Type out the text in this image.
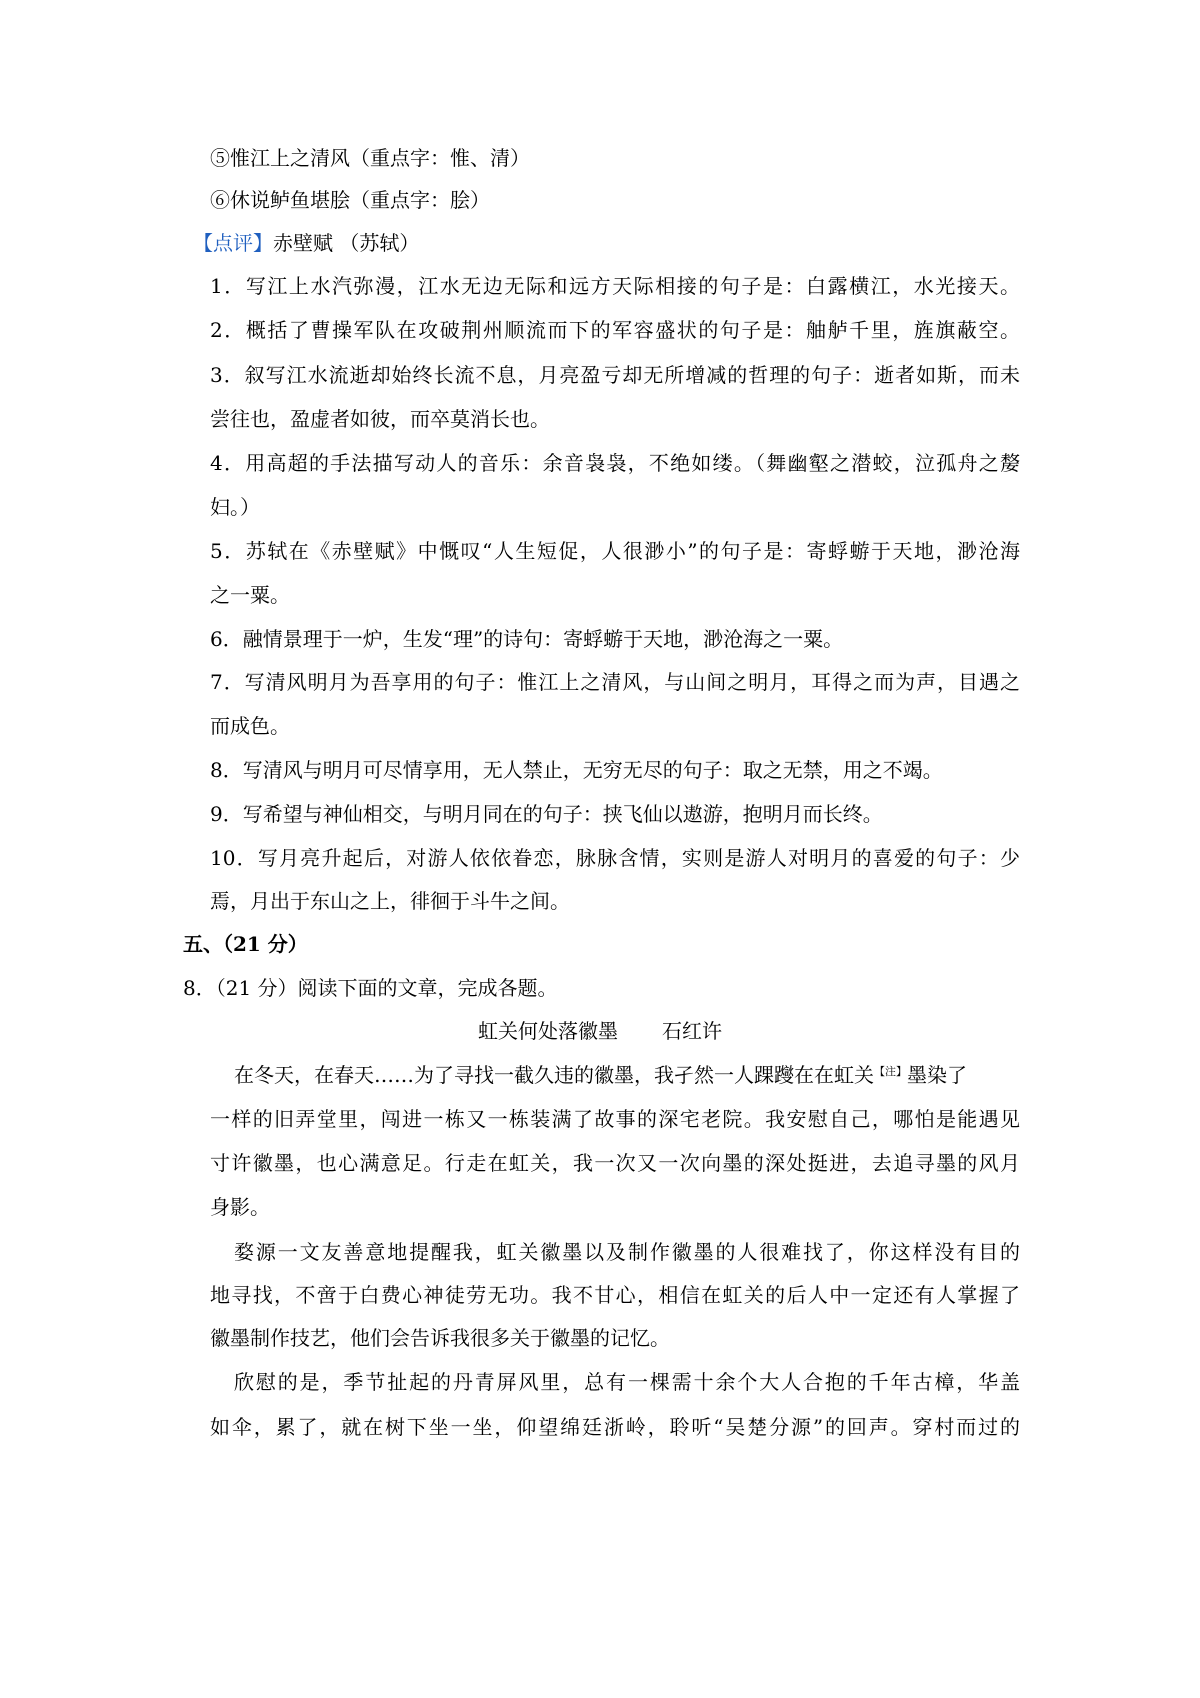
⑤惟江上之清风（重点字：惟、清）
⑥休说鲈鱼堪脍（重点字：脍）
【点评】赤壁赋 （苏轼）
1．写江上水汽弥漫，江水无边无际和远方天际相接的句子是：白露横江，水光接天。
2．概括了曹操军队在攻破荆州顺流而下的军容盛状的句子是：舳舻千里，旌旗蔽空。
3．叙写江水流逝却始终长流不息，月亮盈亏却无所增减的哲理的句子：逝者如斯，而未
尝往也，盈虚者如彼，而卒莫消长也。
4．用高超的手法描写动人的音乐：余音袅袅，不绝如缕。（舞幽壑之潜蛟，泣孤舟之嫠
妇。）
5．苏轼在《赤壁赋》中慨叹“人生短促，人很渺小”的句子是：寄蜉蝣于天地，渺沧海
之一粟。
6．融情景理于一炉，生发“理”的诗句：寄蜉蝣于天地，渺沧海之一粟。
7．写清风明月为吾享用的句子：惟江上之清风，与山间之明月，耳得之而为声，目遇之
而成色。
8．写清风与明月可尽情享用，无人禁止，无穷无尽的句子：取之无禁，用之不竭。
9．写希望与神仙相交，与明月同在的句子：挟飞仙以遨游，抱明月而长终。
10．写月亮升起后，对游人依依眷恋，脉脉含情，实则是游人对明月的喜爱的句子：少
焉，月出于东山之上，徘徊于斗牛之间。
五、（21 分）
8．（21 分）阅读下面的文章，完成各题。
虹关何处落徽墨 石红许
在冬天，在春天……为了寻找一截久违的徽墨，我孑然一人踝躞在在虹关$^{【注】}$墨染了
一样的旧弄堂里，闯进一栋又一栋装满了故事的深宅老院。我安慰自己，哪怕是能遇见
寸许徽墨，也心满意足。行走在虹关，我一次又一次向墨的深处挺进，去追寻墨的风月
身影。
婺源一文友善意地提醒我，虹关徽墨以及制作徽墨的人很难找了，你这样没有目的
地寻找，不啻于白费心神徒劳无功。我不甘心，相信在虹关的后人中一定还有人掌握了
徽墨制作技艺，他们会告诉我很多关于徽墨的记忆。
欣慰的是，季节扯起的丹青屏风里，总有一棵需十余个大人合抱的千年古樟，华盖
如伞，累了，就在树下坐一坐，仰望绵廷浙岭，聆听“吴楚分源”的回声。穿村而过的
